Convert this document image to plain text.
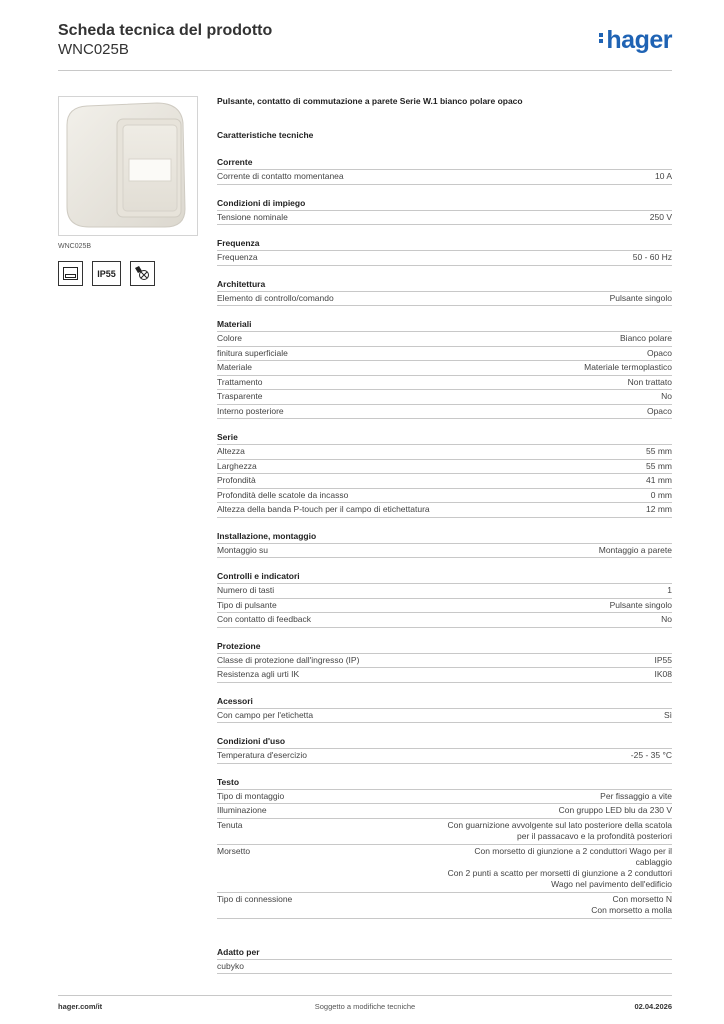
Scheda tecnica del prodotto
WNC025B	hager
WNC025B
IP55
Pulsante, contatto di commutazione a parete Serie W.1 bianco polare opaco
Caratteristiche tecniche
Corrente
Corrente di contatto momentanea	10 A
Condizioni di impiego
Tensione nominale	250 V
Frequenza
Frequenza	50 - 60 Hz
Architettura
Elemento di controllo/comando	Pulsante singolo
Materiali
Colore	Bianco polare
finitura superficiale	Opaco
Materiale	Materiale termoplastico
Trattamento	Non trattato
Trasparente	No
Interno posteriore	Opaco
Serie
Altezza	55 mm
Larghezza	55 mm
Profondità	41 mm
Profondità delle scatole da incasso	0 mm
Altezza della banda P-touch per il campo di etichettatura	12 mm
Installazione, montaggio
Montaggio su	Montaggio a parete
Controlli e indicatori
Numero di tasti	1
Tipo di pulsante	Pulsante singolo
Con contatto di feedback	No
Protezione
Classe di protezione dall'ingresso (IP)	IP55
Resistenza agli urti IK	IK08
Acessori
Con campo per l'etichetta	Sì
Condizioni d'uso
Temperatura d'esercizio	-25 - 35 °C
Testo
Tipo di montaggio	Per fissaggio a vite
Illuminazione	Con gruppo LED blu da 230 V
Tenuta	Con guarnizione avvolgente sul lato posteriore della scatola per il passacavo e la profondità posteriori
Morsetto	Con morsetto di giunzione a 2 conduttori Wago per il cablaggio
Con 2 punti a scatto per morsetti di giunzione a 2 conduttori Wago nel pavimento dell'edificio
Tipo di connessione	Con morsetto N
Con morsetto a molla
Adatto per
cubyko
Soggetto a modifiche tecniche
hager.com/it	02.04.2026
